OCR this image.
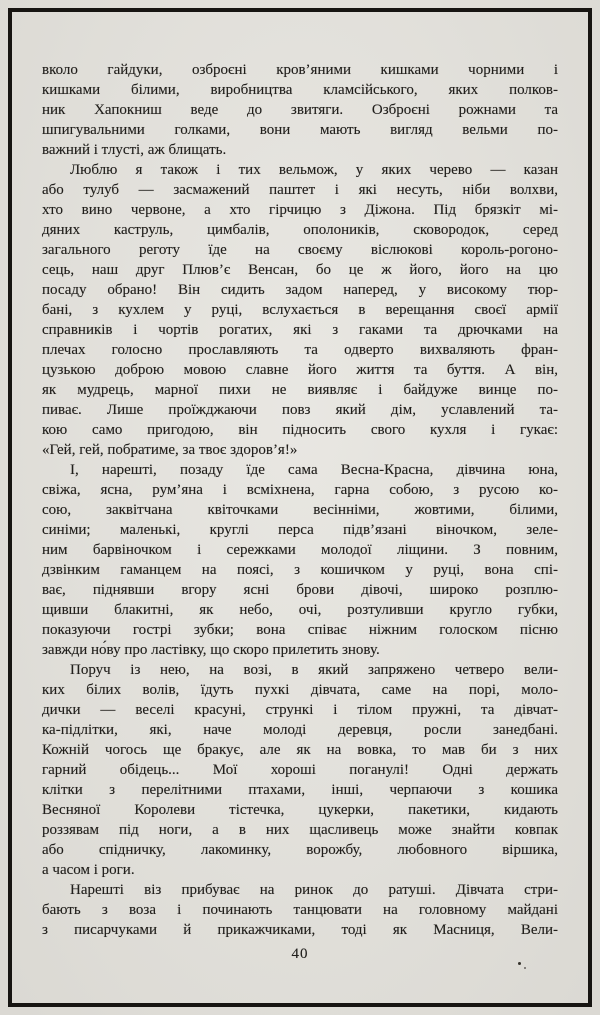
вколо гайдуки, озброєні кров’яними кишками чорними і
кишками білими, виробництва кламсійського, яких полков-
ник Хапокниш веде до звитяги. Озброєні рожнами та
шпигувальними голками, вони мають вигляд вельми по-
важний і тлусті, аж блищать.
Люблю я також і тих вельмож, у яких черево — казан
або тулуб — засмажений паштет і які несуть, ніби волхви,
хто вино червоне, а хто гірчицю з Діжона. Під брязкіт мі-
дяних каструль, цимбалів, ополоників, сковородок, серед
загального реготу їде на своєму віслюкові король-рогоно-
сець, наш друг Плюв’є Венсан, бо це ж його, його на цю
посаду обрано! Він сидить задом наперед, у високому тюр-
бані, з кухлем у руці, вслухається в верещання своєї армії
справників і чортів рогатих, які з гаками та дрючками на
плечах голосно прославляють та одверто вихваляють фран-
цузькою доброю мовою славне його життя та буття. А він,
як мудрець, марної пихи не виявляє і байдуже винце по-
пиває. Лише проїжджаючи повз який дім, уславлений та-
кою само пригодою, він підносить свого кухля і гукає:
«Гей, гей, побратиме, за твоє здоров’я!»
І, нарешті, позаду їде сама Весна-Красна, дівчина юна,
свіжа, ясна, рум’яна і всміхнена, гарна собою, з русою ко-
сою, заквітчана квіточками весінніми, жовтими, білими,
синіми; маленькі, круглі перса підв’язані віночком, зеле-
ним барвіночком і сережками молодої ліщини. З повним,
дзвінким гаманцем на поясі, з кошичком у руці, вона спі-
ває, піднявши вгору ясні брови дівочі, широко розплю-
щивши блакитні, як небо, очі, розтуливши кругло губки,
показуючи гострі зубки; вона співає ніжним голоском пісню
завжди но́ву про ластівку, що скоро прилетить знову.
Поруч із нею, на возі, в який запряжено четверо вели-
ких білих волів, їдуть пухкі дівчата, саме на порі, моло-
дички — веселі красуні, стрункі і тілом пружні, та дівчат-
ка-підлітки, які, наче молоді деревця, росли занедбані.
Кожній чогось ще бракує, але як на вовка, то мав би з них
гарний обідець... Мої хороші поганулі! Одні держать
клітки з перелітними птахами, інші, черпаючи з кошика
Весняної Королеви тістечка, цукерки, пакетики, кидають
роззявам під ноги, а в них щасливець може знайти ковпак
або спідничку, лакоминку, ворожбу, любовного віршика,
а часом і роги.
Нарешті віз прибуває на ринок до ратуші. Дівчата стри-
бають з воза і починають танцювати на головному майдані
з писарчуками й прикажчиками, тоді як Масниця, Вели-
40
